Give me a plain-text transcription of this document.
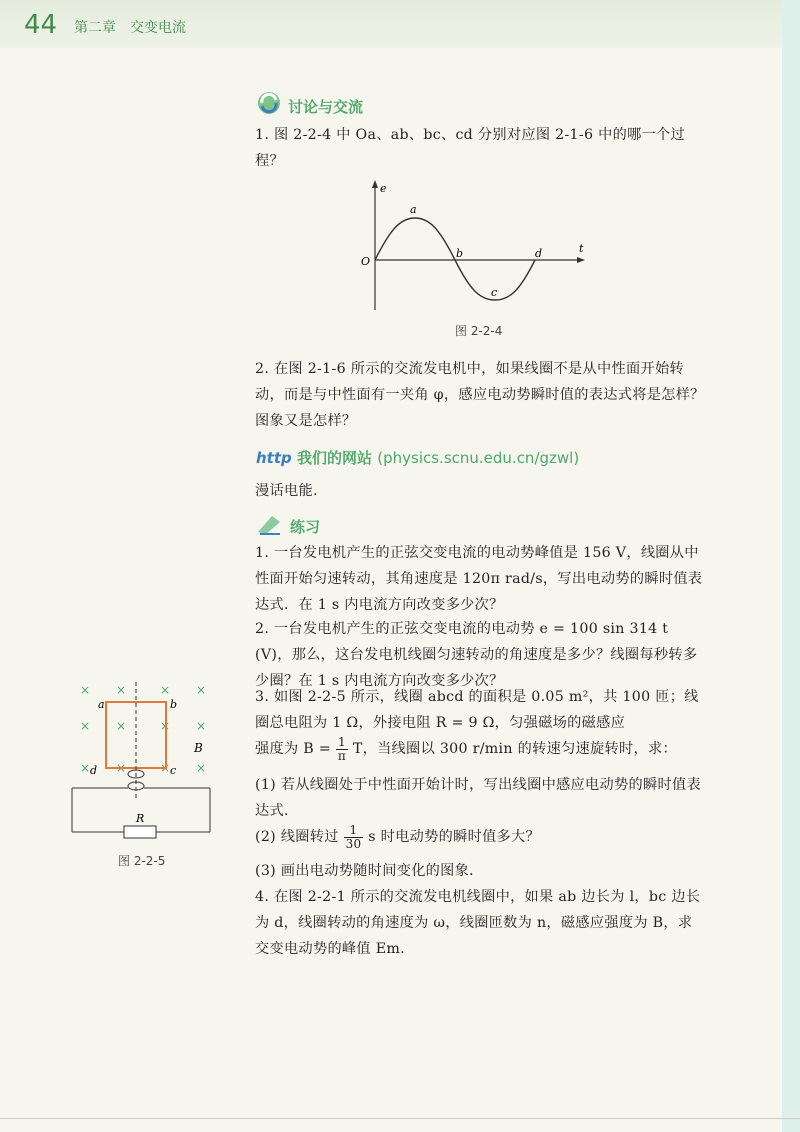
44 第二章　交变电流
讨论与交流
1. 图 2-2-4 中 Oa、ab、bc、cd 分别对应图 2-1-6 中的哪一个过程？
e
t
O
a
b
c
d
图 2-2-4
2. 在图 2-1-6 所示的交流发电机中，如果线圈不是从中性面开始转动，而是与中性面有一夹角 φ，感应电动势瞬时值的表达式将是怎样？图象又是怎样？
http 我们的网站 (physics.scnu.edu.cn/gzwl)
漫话电能.
练习
1. 一台发电机产生的正弦交变电流的电动势峰值是 156 V，线圈从中性面开始匀速转动，其角速度是 120π rad/s，写出电动势的瞬时值表达式．在 1 s 内电流方向改变多少次？
2. 一台发电机产生的正弦交变电流的电动势 e = 100 sin 314 t (V)，那么，这台发电机线圈匀速转动的角速度是多少？线圈每秒转多少圈？在 1 s 内电流方向改变多少次？
3. 如图 2-2-5 所示，线圈 abcd 的面积是 0.05 m²，共 100 匝；线圈总电阻为 1 Ω，外接电阻 R = 9 Ω，匀强磁场的磁感应
强度为 $B = \frac{1}{\pi}$ T，当线圈以 300 r/min 的转速匀速旋转时，求：
(1) 若从线圈处于中性面开始计时，写出线圈中感应电动势的瞬时值表达式．
(2) 线圈转过 $\frac{1}{30}$ s 时电动势的瞬时值多大？
(3) 画出电动势随时间变化的图象．
4. 在图 2-2-1 所示的交流发电机线圈中，如果 ab 边长为 l，bc 边长为 d，线圈转动的角速度为 ω，线圈匝数为 n，磁感应强度为 B，求交变电动势的峰值 Em.
× ×	× ×
× ×	× ×
× ×	× ×
a	b
c
d
B
R
图 2-2-5
